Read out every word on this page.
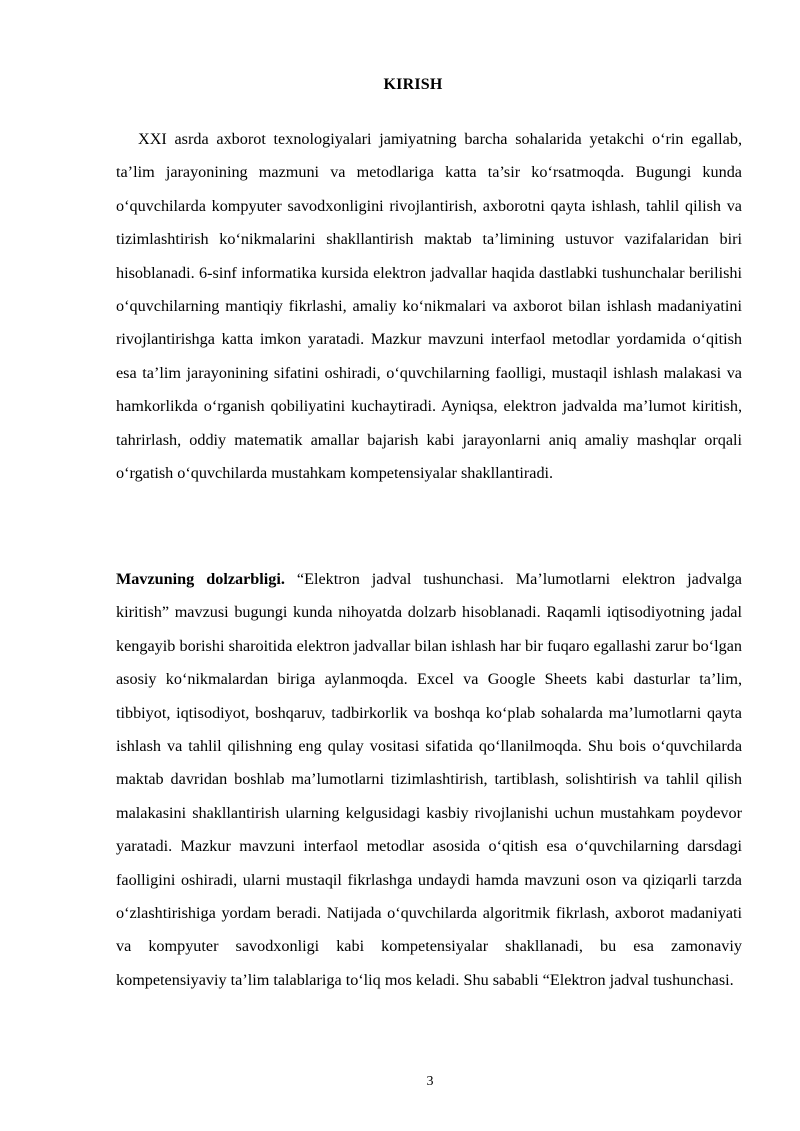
KIRISH

XXI asrda axborot texnologiyalari jamiyatning barcha sohalarida yetakchi o‘rin egallab, ta’lim jarayonining mazmuni va metodlariga katta ta’sir ko‘rsatmoqda. Bugungi kunda o‘quvchilarda kompyuter savodxonligini rivojlantirish, axborotni qayta ishlash, tahlil qilish va tizimlashtirish ko‘nikmalarini shakllantirish maktab ta’limining ustuvor vazifalaridan biri hisoblanadi. 6-sinf informatika kursida elektron jadvallar haqida dastlabki tushunchalar berilishi o‘quvchilarning mantiqiy fikrlashi, amaliy ko‘nikmalari va axborot bilan ishlash madaniyatini rivojlantirishga katta imkon yaratadi. Mazkur mavzuni interfaol metodlar yordamida o‘qitish esa ta’lim jarayonining sifatini oshiradi, o‘quvchilarning faolligi, mustaqil ishlash malakasi va hamkorlikda o‘rganish qobiliyatini kuchaytiradi. Ayniqsa, elektron jadvalda ma’lumot kiritish, tahrirlash, oddiy matematik amallar bajarish kabi jarayonlarni aniq amaliy mashqlar orqali o‘rgatish o‘quvchilarda mustahkam kompetensiyalar shakllantiradi.

Mavzuning dolzarbligi. “Elektron jadval tushunchasi. Ma’lumotlarni elektron jadvalga kiritish” mavzusi bugungi kunda nihoyatda dolzarb hisoblanadi. Raqamli iqtisodiyotning jadal kengayib borishi sharoitida elektron jadvallar bilan ishlash har bir fuqaro egallashi zarur bo‘lgan asosiy ko‘nikmalardan biriga aylanmoqda. Excel va Google Sheets kabi dasturlar ta’lim, tibbiyot, iqtisodiyot, boshqaruv, tadbirkorlik va boshqa ko‘plab sohalarda ma’lumotlarni qayta ishlash va tahlil qilishning eng qulay vositasi sifatida qo‘llanilmoqda. Shu bois o‘quvchilarda maktab davridan boshlab ma’lumotlarni tizimlashtirish, tartiblash, solishtirish va tahlil qilish malakasini shakllantirish ularning kelgusidagi kasbiy rivojlanishi uchun mustahkam poydevor yaratadi. Mazkur mavzuni interfaol metodlar asosida o‘qitish esa o‘quvchilarning darsdagi faolligini oshiradi, ularni mustaqil fikrlashga undaydi hamda mavzuni oson va qiziqarli tarzda o‘zlashtirishiga yordam beradi. Natijada o‘quvchilarda algoritmik fikrlash, axborot madaniyati va kompyuter savodxonligi kabi kompetensiyalar shakllanadi, bu esa zamonaviy kompetensiyaviy ta’lim talablariga to‘liq mos keladi. Shu sababli “Elektron jadval tushunchasi.

3
